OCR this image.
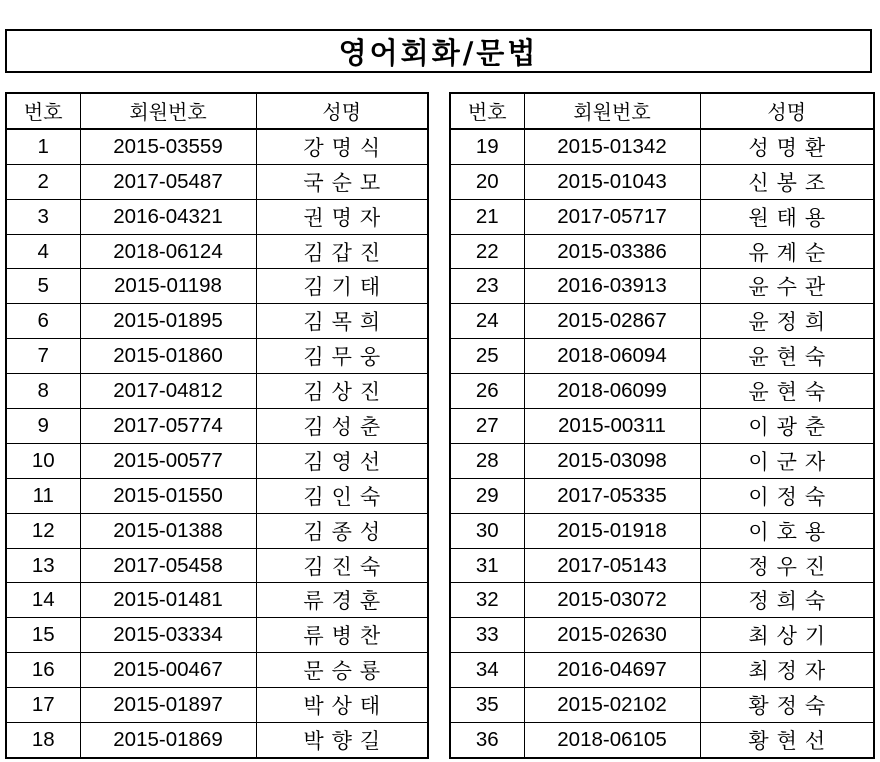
영어회화/문법
번호	회원번호	성명
1	2015-03559	강명식
2	2017-05487	국순모
3	2016-04321	권명자
4	2018-06124	김갑진
5	2015-01198	김기태
6	2015-01895	김목희
7	2015-01860	김무웅
8	2017-04812	김상진
9	2017-05774	김성춘
10	2015-00577	김영선
11	2015-01550	김인숙
12	2015-01388	김종성
13	2017-05458	김진숙
14	2015-01481	류경훈
15	2015-03334	류병찬
16	2015-00467	문승룡
17	2015-01897	박상태
18	2015-01869	박향길
번호	회원번호	성명
19	2015-01342	성명환
20	2015-01043	신봉조
21	2017-05717	원태용
22	2015-03386	유계순
23	2016-03913	윤수관
24	2015-02867	윤정희
25	2018-06094	윤현숙
26	2018-06099	윤현숙
27	2015-00311	이광춘
28	2015-03098	이군자
29	2017-05335	이정숙
30	2015-01918	이호용
31	2017-05143	정우진
32	2015-03072	정희숙
33	2015-02630	최상기
34	2016-04697	최정자
35	2015-02102	황정숙
36	2018-06105	황현선
